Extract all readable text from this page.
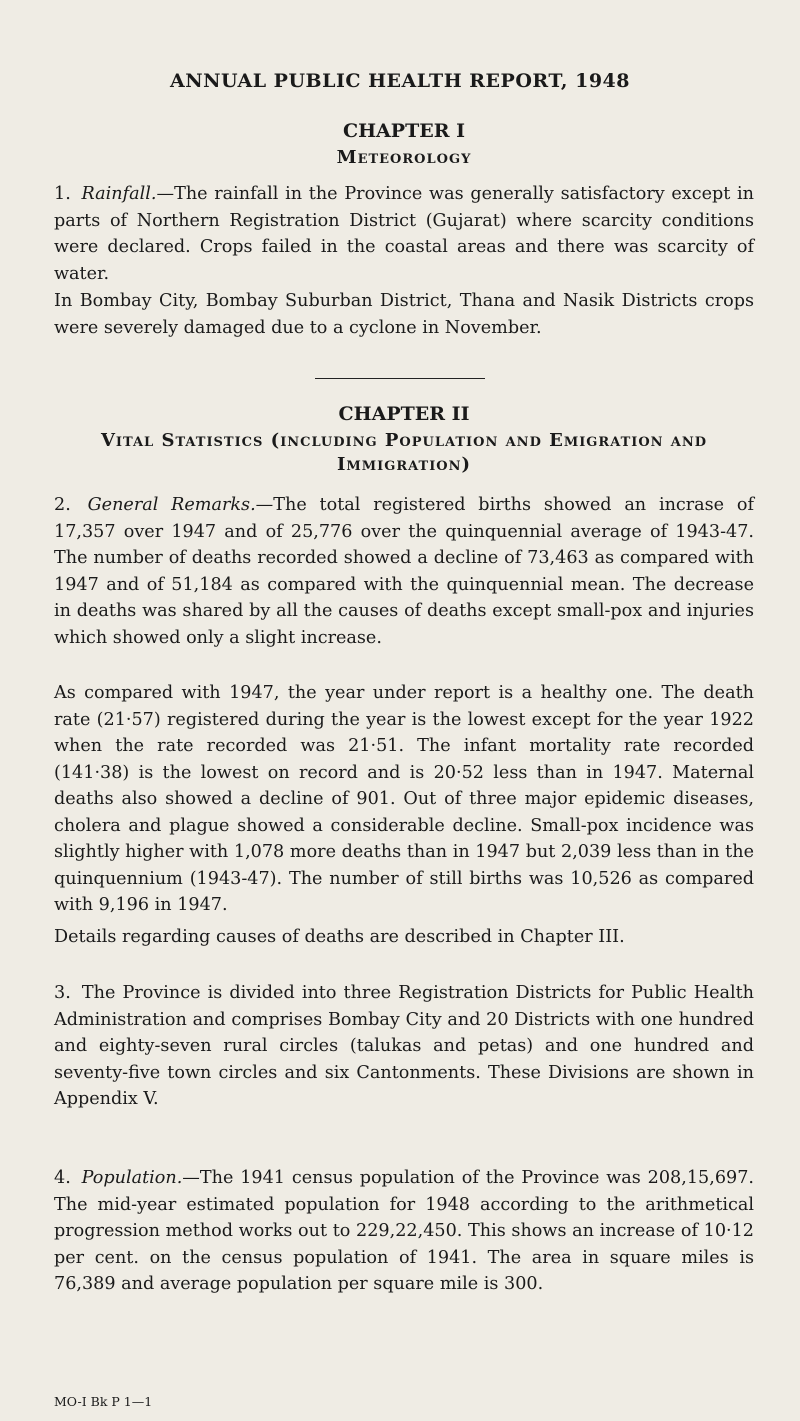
ANNUAL PUBLIC HEALTH REPORT, 1948
CHAPTER I
Meteorology

1. Rainfall.—The rainfall in the Province was generally satisfactory except in parts of Northern Registration District (Gujarat) where scarcity conditions were declared. Crops failed in the coastal areas and there was scarcity of water.

In Bombay City, Bombay Suburban District, Thana and Nasik Districts crops were severely damaged due to a cyclone in November.

CHAPTER II
Vital Statistics (including Population and Emigration and Immigration)

2. General Remarks.—The total registered births showed an incrase of 17,357 over 1947 and of 25,776 over the quinquennial average of 1943-47. The number of deaths recorded showed a decline of 73,463 as compared with 1947 and of 51,184 as compared with the quinquennial mean. The decrease in deaths was shared by all the causes of deaths except small-pox and injuries which showed only a slight increase.

As compared with 1947, the year under report is a healthy one. The death rate (21·57) registered during the year is the lowest except for the year 1922 when the rate recorded was 21·51. The infant mortality rate recorded (141·38) is the lowest on record and is 20·52 less than in 1947. Maternal deaths also showed a decline of 901. Out of three major epidemic diseases, cholera and plague showed a considerable decline. Small-pox incidence was slightly higher with 1,078 more deaths than in 1947 but 2,039 less than in the quinquennium (1943-47). The number of still births was 10,526 as compared with 9,196 in 1947.

Details regarding causes of deaths are described in Chapter III.

3. The Province is divided into three Registration Districts for Public Health Administration and comprises Bombay City and 20 Districts with one hundred and eighty-seven rural circles (talukas and petas) and one hundred and seventy-five town circles and six Cantonments. These Divisions are shown in Appendix V.

4. Population.—The 1941 census population of the Province was 208,15,697. The mid-year estimated population for 1948 according to the arithmetical progression method works out to 229,22,450. This shows an increase of 10·12 per cent. on the census population of 1941. The area in square miles is 76,389 and average population per square mile is 300.

MO-I Bk P 1—1
